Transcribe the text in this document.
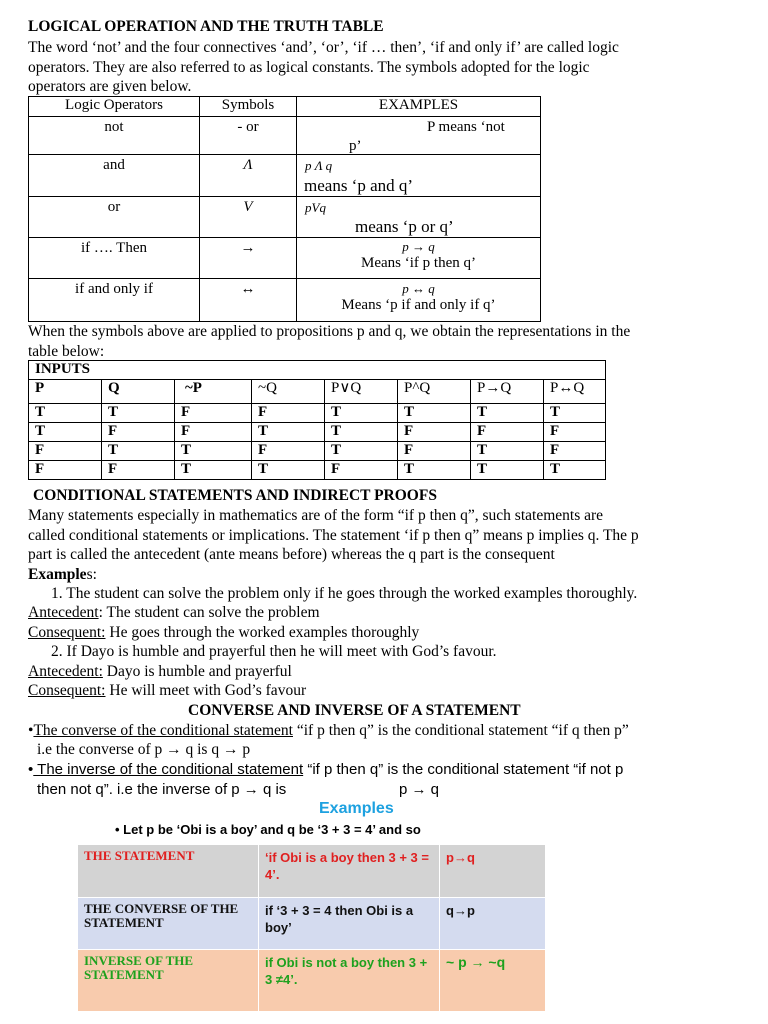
LOGICAL OPERATION AND THE TRUTH TABLE
The word ‘not’ and the four connectives ‘and’, ‘or’, ‘if … then’, ‘if and only if’ are called logic
operators. They are also referred to as logical constants. The symbols adopted for the logic
operators are given below.
Logic Operators	Symbols	EXAMPLES
not	- or	P means ‘not
p’

and	Λ	p Λ q
means ‘p and q’

or	V	pVq
means ‘p or q’

if …. Then	→	p → q
Means ‘if p then q’

if and only if	↔	p ↔ q
Means ‘p if and only if q’
When the symbols above are applied to propositions p and q, we obtain the representations in the
table below:
INPUTS							
P	Q	~P	~Q	P∨Q	P^Q	P→Q	P↔Q
T	T	F	F	T	T	T	T
T	F	F	T	T	F	F	F
F	T	T	F	T	F	T	F
F	F	T	T	F	T	T	T
CONDITIONAL STATEMENTS AND INDIRECT PROOFS
Many statements especially in mathematics are of the form “if p then q”, such statements are
called conditional statements or implications. The statement ‘if p then q” means p implies q. The p
part is called the antecedent (ante means before) whereas the q part is the consequent
Examples:
1. The student can solve the problem only if he goes through the worked examples thoroughly.
Antecedent: The student can solve the problem
Consequent: He goes through the worked examples thoroughly
2. If Dayo is humble and prayerful then he will meet with God’s favour.
Antecedent: Dayo is humble and prayerful
Consequent: He will meet with God’s favour
CONVERSE AND INVERSE OF A STATEMENT
•The converse of the conditional statement “if p then q” is the conditional statement “if q then p”
i.e the converse of p → q is q → p
• The inverse of the conditional statement “if p then q” is the conditional statement “if not p
then not q”. i.e the inverse of p → q is	p → q
Examples
• Let p be ‘Obi is a boy’ and q be ‘3 + 3 = 4’ and so
THE STATEMENT	‘if Obi is a boy then 3 + 3 = 4’.	p→q
THE CONVERSE OF THE STATEMENT	if ‘3 + 3 = 4 then Obi is a boy’	q→p
INVERSE OF THE STATEMENT	if Obi is not a boy then 3 + 3 ≠4’.	~ p → ~q
